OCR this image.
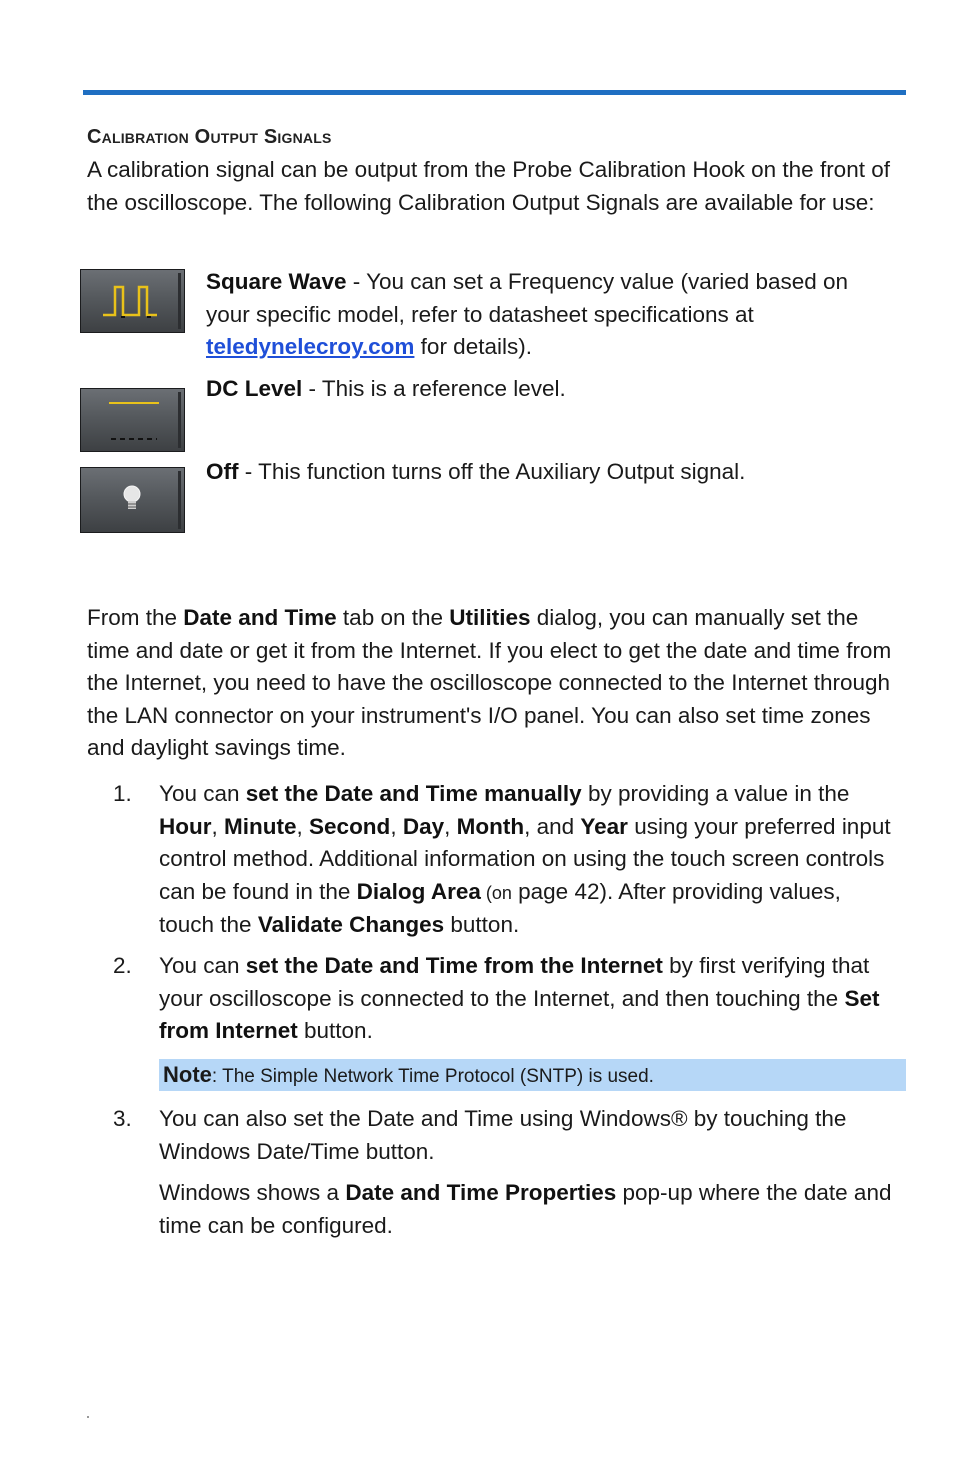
Calibration Output Signals
A calibration signal can be output from the Probe Calibration Hook on the front of the oscilloscope. The following Calibration Output Signals are available for use:
Square Wave - You can set a Frequency value (varied based on your specific model, refer to datasheet specifications at teledynelecroy.com for details).
DC Level - This is a reference level.
Off - This function turns off the Auxiliary Output signal.
From the Date and Time tab on the Utilities dialog, you can manually set the time and date or get it from the Internet. If you elect to get the date and time from the Internet, you need to have the oscilloscope connected to the Internet through the LAN connector on your instrument's I/O panel. You can also set time zones and daylight savings time.
1. You can set the Date and Time manually by providing a value in the Hour, Minute, Second, Day, Month, and Year using your preferred input control method. Additional information on using the touch screen controls can be found in the Dialog Area (on page 42). After providing values, touch the Validate Changes button.
2. You can set the Date and Time from the Internet by first verifying that your oscilloscope is connected to the Internet, and then touching the Set from Internet button.
Note: The Simple Network Time Protocol (SNTP) is used.
3. You can also set the Date and Time using Windows® by touching the Windows Date/Time button.
Windows shows a Date and Time Properties pop-up where the date and time can be configured.
